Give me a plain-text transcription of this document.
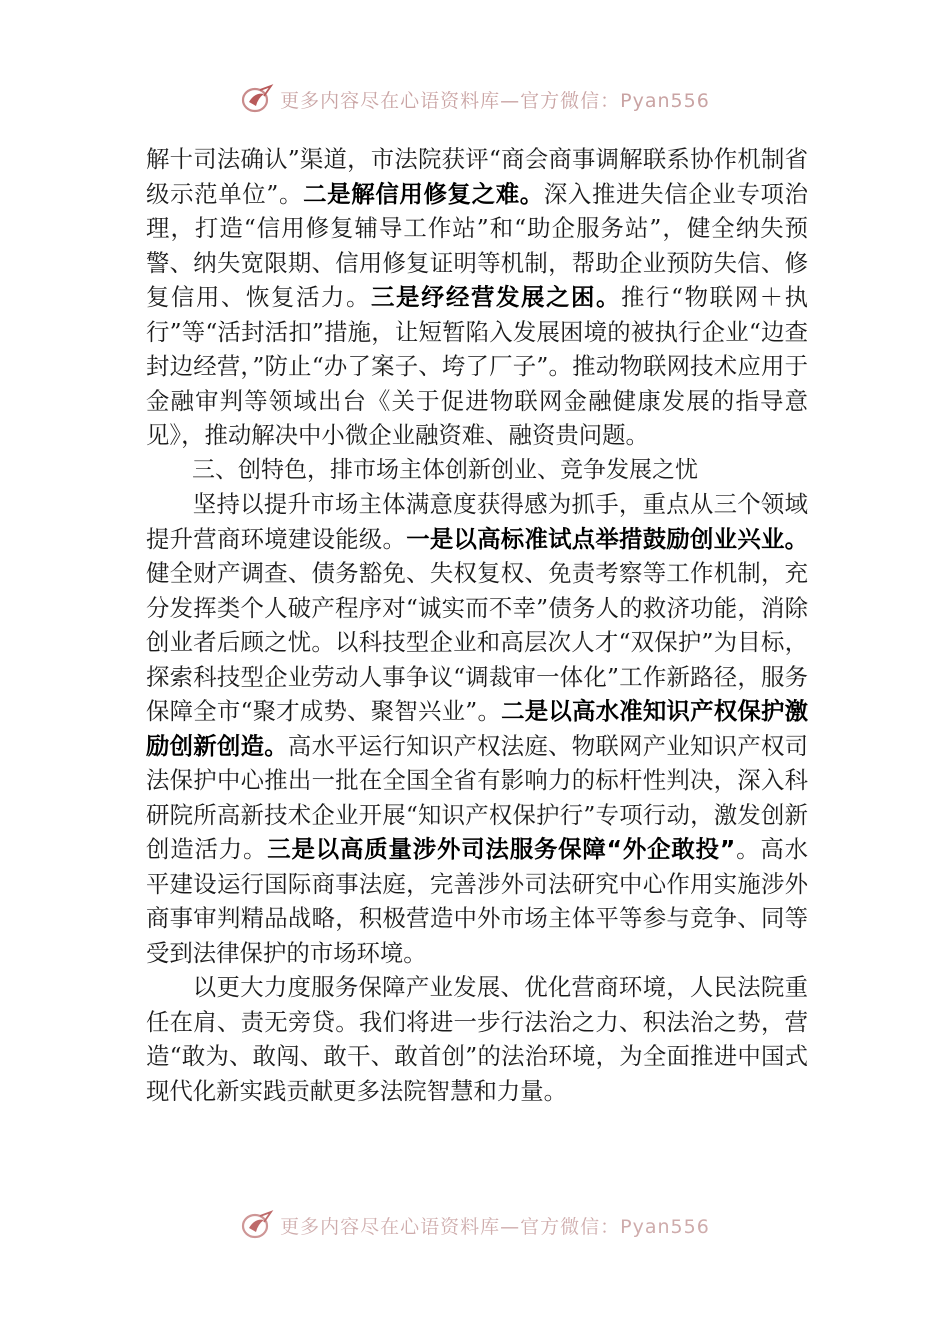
更多内容尽在心语资料库—官方微信：Pyan556

解十司法确认”渠道，市法院获评“商会商事调解联系协作机制省级示范单位”。二是解信用修复之难。深入推进失信企业专项治理，打造“信用修复辅导工作站”和“助企服务站”，健全纳失预警、纳失宽限期、信用修复证明等机制，帮助企业预防失信、修复信用、恢复活力。三是纾经营发展之困。推行“物联网＋执行”等“活封活扣”措施，让短暂陷入发展困境的被执行企业“边查封边经营，”防止“办了案子、垮了厂子”。推动物联网技术应用于金融审判等领域出台《关于促进物联网金融健康发展的指导意见》，推动解决中小微企业融资难、融资贵问题。

三、创特色，排市场主体创新创业、竞争发展之忧

坚持以提升市场主体满意度获得感为抓手，重点从三个领域提升营商环境建设能级。一是以高标准试点举措鼓励创业兴业。健全财产调查、债务豁免、失权复权、免责考察等工作机制，充分发挥类个人破产程序对“诚实而不幸”债务人的救济功能，消除创业者后顾之忧。以科技型企业和高层次人才“双保护”为目标，探索科技型企业劳动人事争议“调裁审一体化”工作新路径，服务保障全市“聚才成势、聚智兴业”。二是以高水准知识产权保护激励创新创造。高水平运行知识产权法庭、物联网产业知识产权司法保护中心推出一批在全国全省有影响力的标杆性判决，深入科研院所高新技术企业开展“知识产权保护行”专项行动，激发创新创造活力。三是以高质量涉外司法服务保障“外企敢投”。高水平建设运行国际商事法庭，完善涉外司法研究中心作用实施涉外商事审判精品战略，积极营造中外市场主体平等参与竞争、同等受到法律保护的市场环境。

以更大力度服务保障产业发展、优化营商环境，人民法院重任在肩、责无旁贷。我们将进一步行法治之力、积法治之势，营造“敢为、敢闯、敢干、敢首创”的法治环境，为全面推进中国式现代化新实践贡献更多法院智慧和力量。

更多内容尽在心语资料库—官方微信：Pyan556
